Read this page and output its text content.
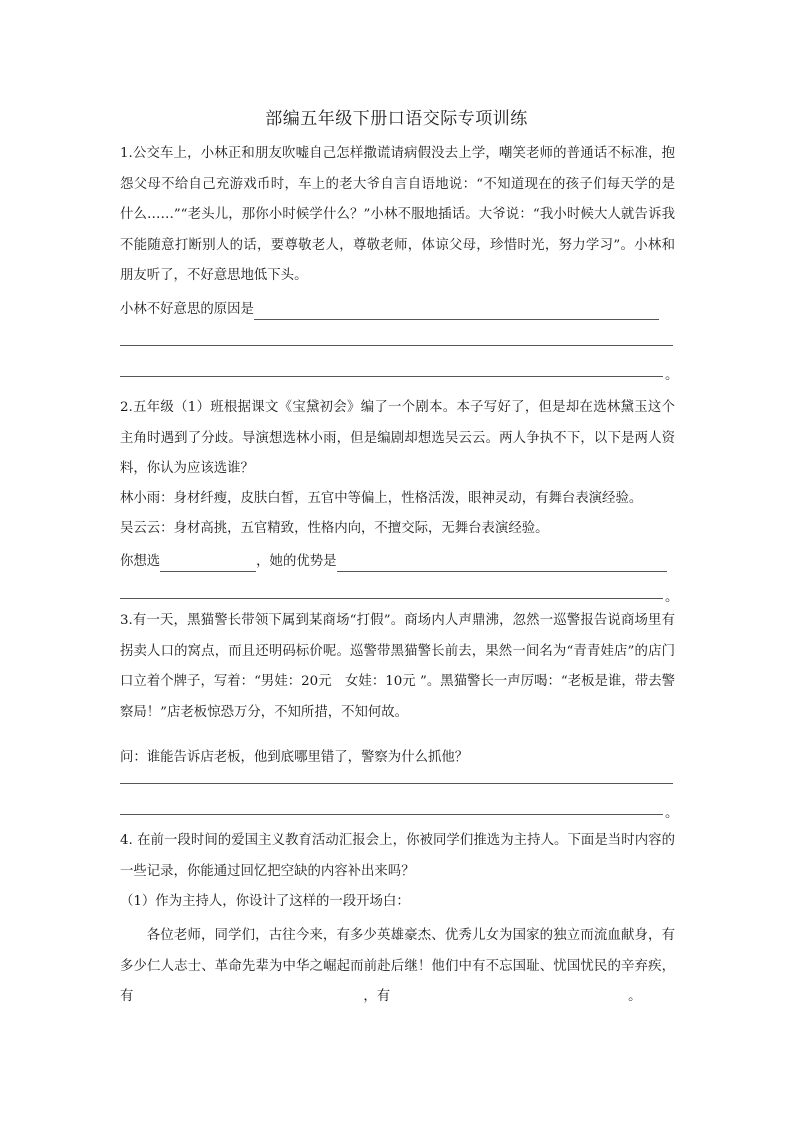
部编五年级下册口语交际专项训练
1.公交车上，小林正和朋友吹嘘自己怎样撒谎请病假没去上学，嘲笑老师的普通话不标准，抱怨父母不给自己充游戏币时，车上的老大爷自言自语地说：“不知道现在的孩子们每天学的是什么……”“老头儿，那你小时候学什么？”小林不服地插话。大爷说：“我小时候大人就告诉我不能随意打断别人的话，要尊敬老人，尊敬老师，体谅父母，珍惜时光，努力学习”。小林和朋友听了，不好意思地低下头。
小林不好意思的原因是
。
2.五年级（1）班根据课文《宝黛初会》编了一个剧本。本子写好了，但是却在选林黛玉这个主角时遇到了分歧。导演想选林小雨，但是编剧却想选吴云云。两人争执不下，以下是两人资料，你认为应该选谁？
林小雨：身材纤瘦，皮肤白皙，五官中等偏上，性格活泼，眼神灵动，有舞台表演经验。
吴云云：身材高挑，五官精致，性格内向，不擅交际，无舞台表演经验。
你想选	，她的优势是
。
3.有一天，黑猫警长带领下属到某商场“打假”。商场内人声鼎沸，忽然一巡警报告说商场里有拐卖人口的窝点，而且还明码标价呢。巡警带黑猫警长前去，果然一间名为“青青娃店”的店门口立着个牌子，写着：“男娃：20元　女娃：10元 ”。黑猫警长一声厉喝：“老板是谁，带去警察局！”店老板惊恐万分，不知所措，不知何故。
问：谁能告诉店老板，他到底哪里错了，警察为什么抓他？
。
4. 在前一段时间的爱国主义教育活动汇报会上，你被同学们推选为主持人。下面是当时内容的一些记录，你能通过回忆把空缺的内容补出来吗？
（1）作为主持人，你设计了这样的一段开场白：
各位老师，同学们，古往今来，有多少英雄豪杰、优秀儿女为国家的独立而流血献身，有多少仁人志士、革命先辈为中华之崛起而前赴后继！他们中有不忘国耻、忧国忧民的辛弃疾，有	，有	。
